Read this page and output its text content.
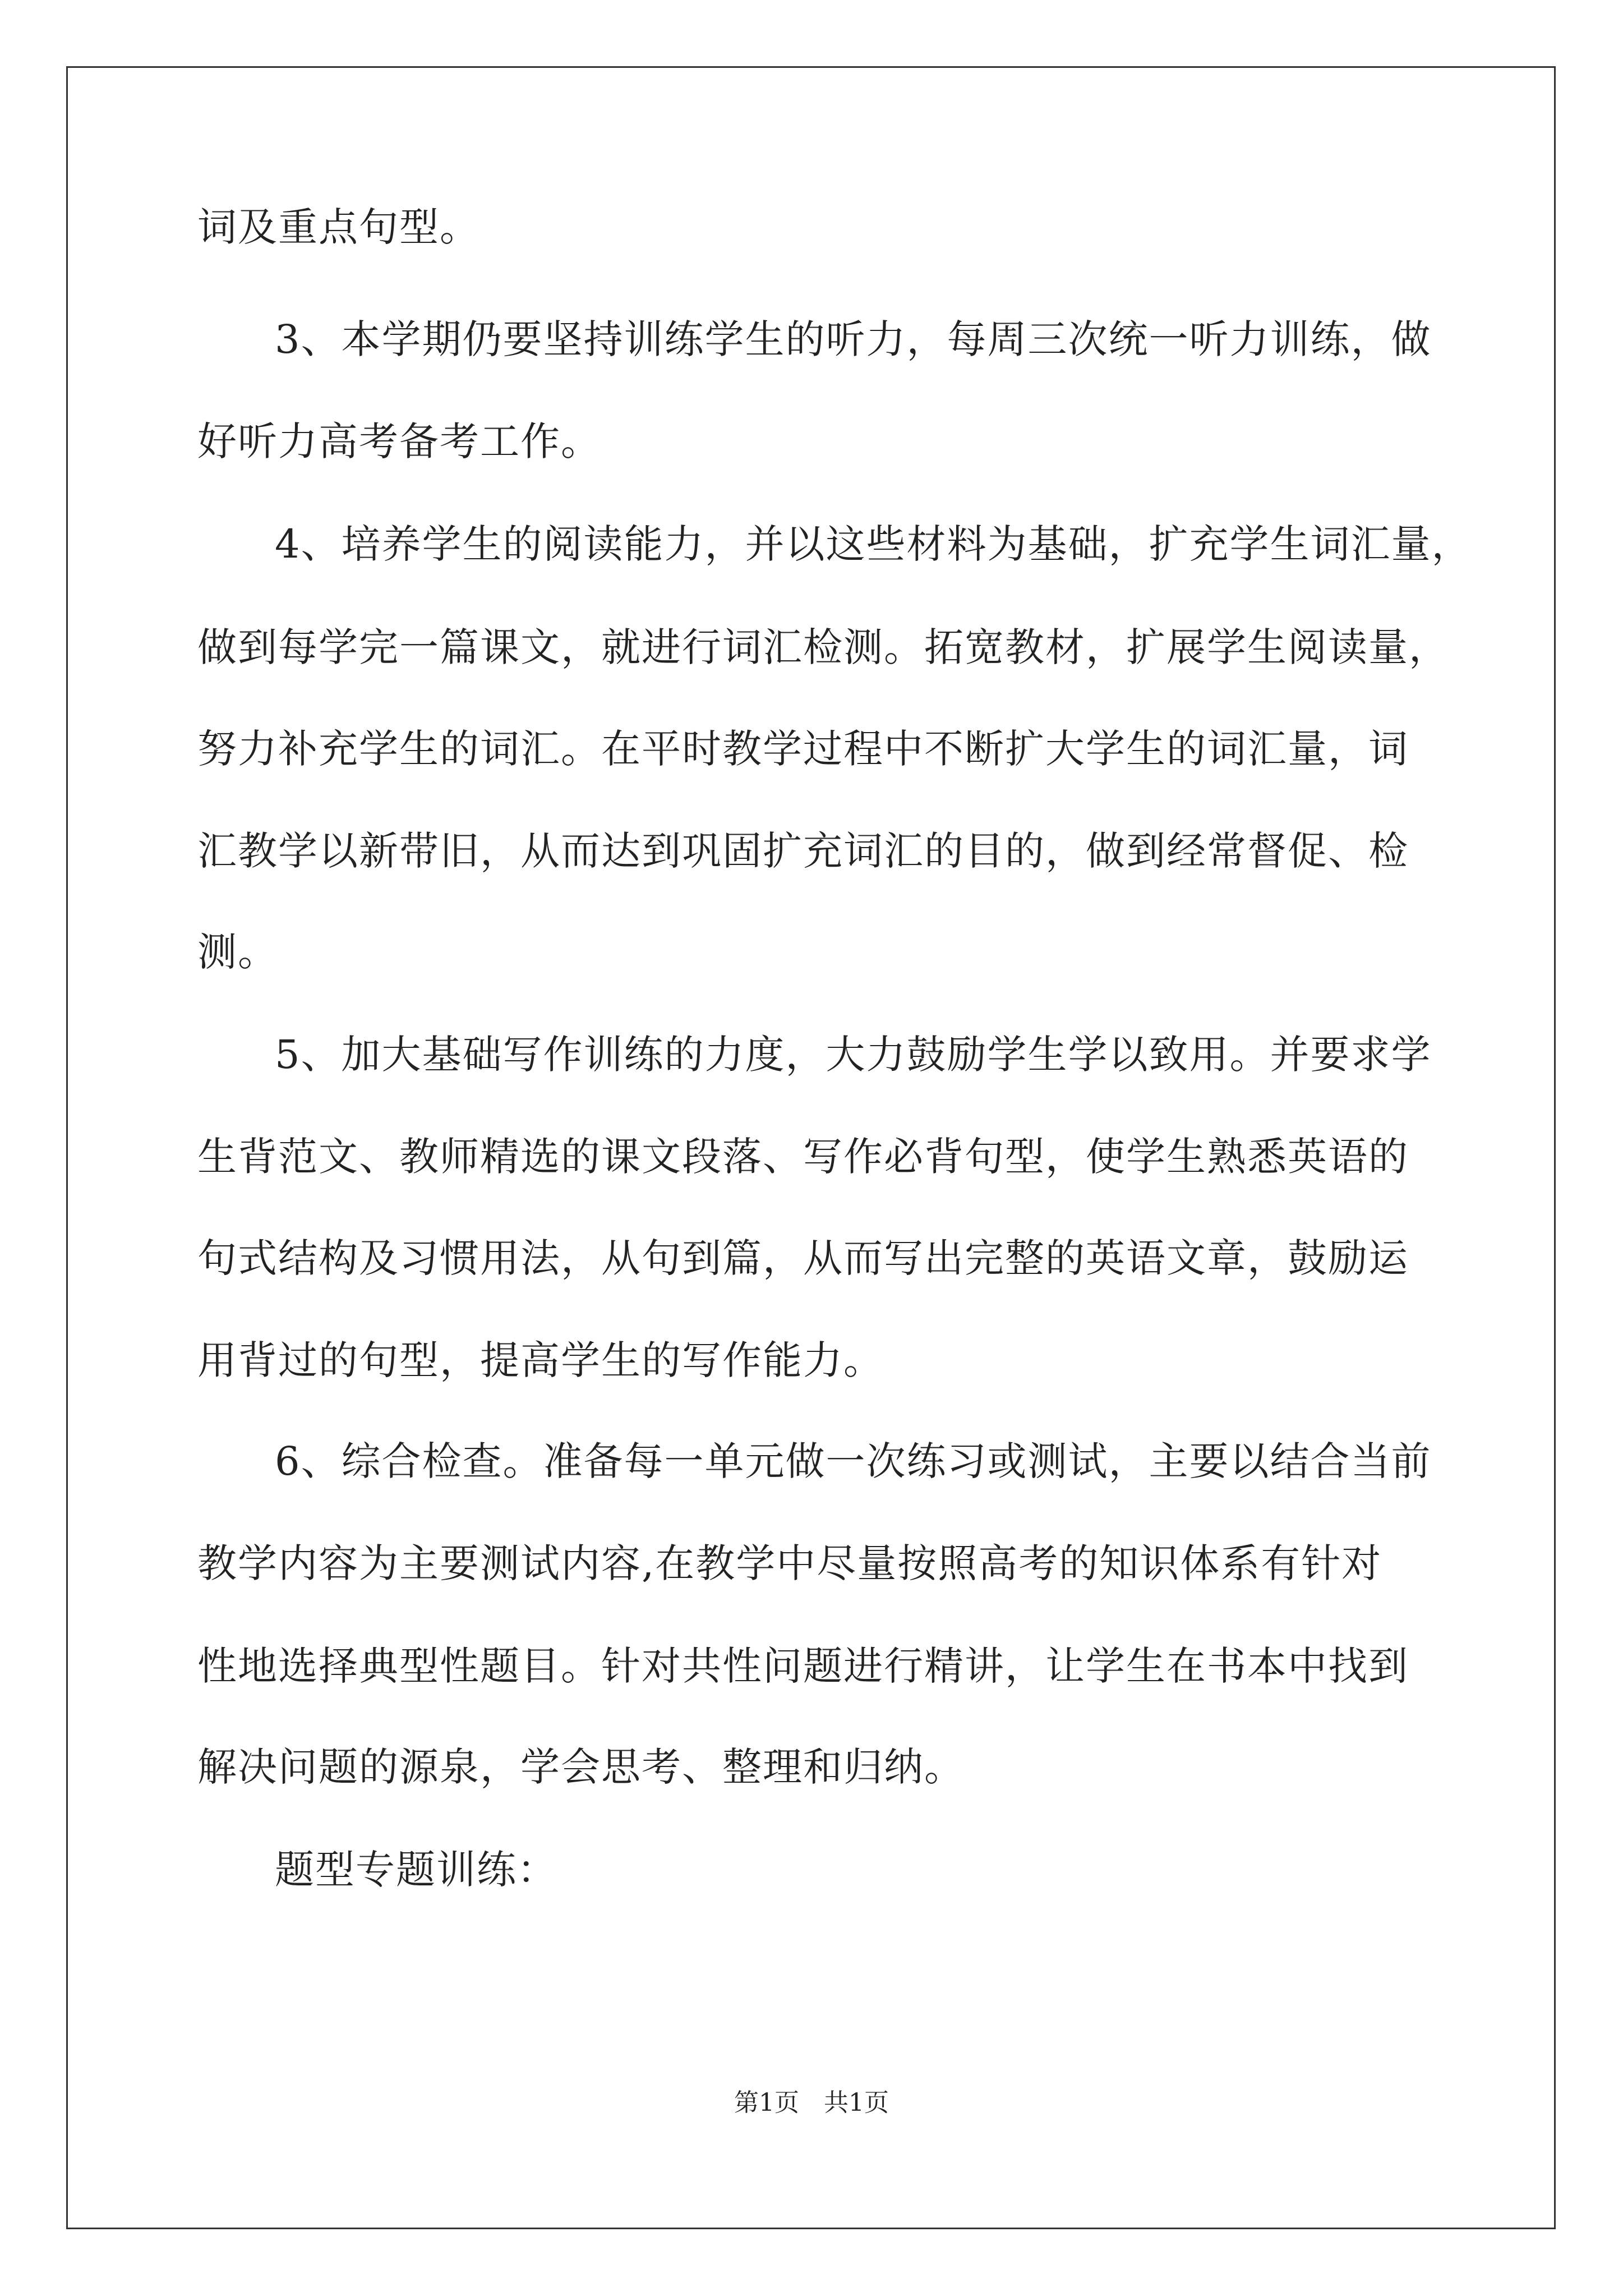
词及重点句型。
3、本学期仍要坚持训练学生的听力，每周三次统一听力训练，做
好听力高考备考工作。
4、培养学生的阅读能力，并以这些材料为基础，扩充学生词汇量，
做到每学完一篇课文，就进行词汇检测。拓宽教材，扩展学生阅读量，
努力补充学生的词汇。在平时教学过程中不断扩大学生的词汇量，词
汇教学以新带旧，从而达到巩固扩充词汇的目的，做到经常督促、检
测。
5、加大基础写作训练的力度，大力鼓励学生学以致用。并要求学
生背范文、教师精选的课文段落、写作必背句型，使学生熟悉英语的
句式结构及习惯用法，从句到篇，从而写出完整的英语文章，鼓励运
用背过的句型，提高学生的写作能力。
6、综合检查。准备每一单元做一次练习或测试，主要以结合当前
教学内容为主要测试内容,在教学中尽量按照高考的知识体系有针对
性地选择典型性题目。针对共性问题进行精讲，让学生在书本中找到
解决问题的源泉，学会思考、整理和归纳。
题型专题训练：
第1页　共1页
